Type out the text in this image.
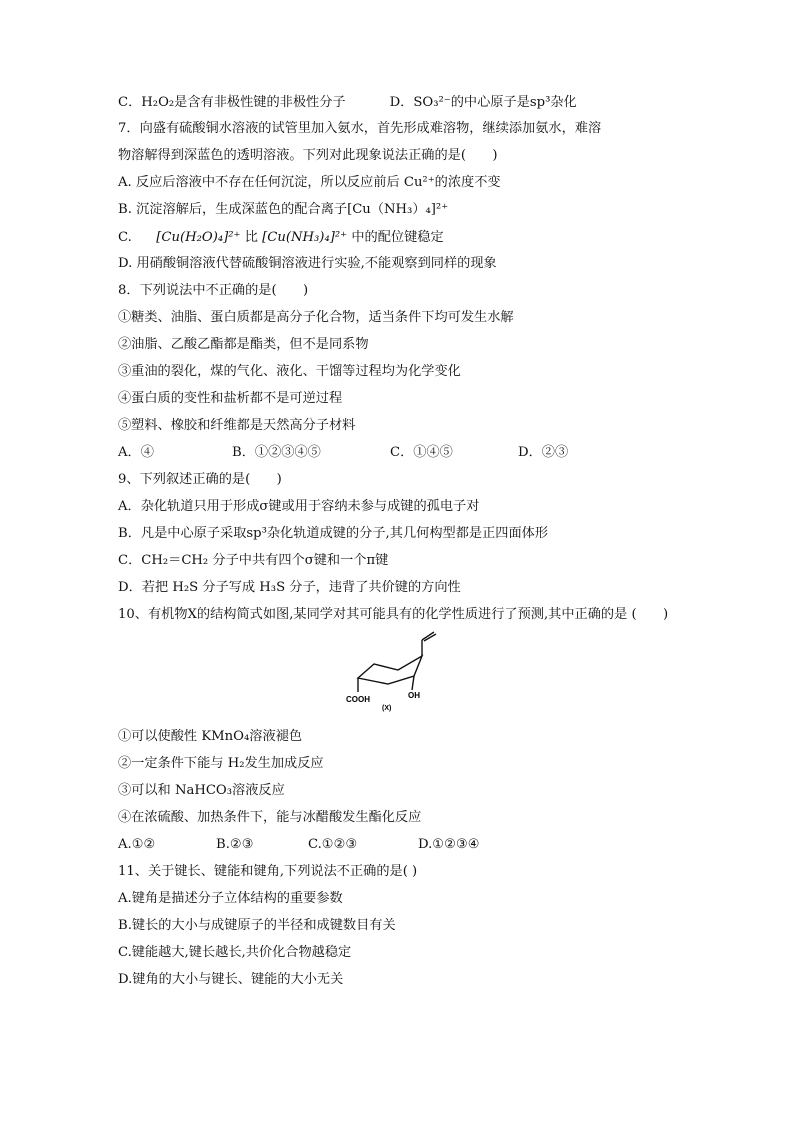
C．H₂O₂是含有非极性键的非极性分子	D．SO₃²⁻的中心原子是sp³杂化
7．向盛有硫酸铜水溶液的试管里加入氨水，首先形成难溶物，继续添加氨水，难溶
物溶解得到深蓝色的透明溶液。下列对此现象说法正确的是(　　)
A. 反应后溶液中不存在任何沉淀，所以反应前后 Cu²⁺的浓度不变
B. 沉淀溶解后，生成深蓝色的配合离子[Cu（NH₃）₄]²⁺
C. [Cu(H₂O)₄]²⁺ 比 [Cu(NH₃)₄]²⁺ 中的配位键稳定
D. 用硝酸铜溶液代替硫酸铜溶液进行实验,不能观察到同样的现象
8．下列说法中不正确的是(　　)
①糖类、油脂、蛋白质都是高分子化合物，适当条件下均可发生水解
②油脂、乙酸乙酯都是酯类，但不是同系物
③重油的裂化，煤的气化、液化、干馏等过程均为化学变化
④蛋白质的变性和盐析都不是可逆过程
⑤塑料、橡胶和纤维都是天然高分子材料
A．④	B．①②③④⑤	C．①④⑤	D．②③
9、下列叙述正确的是(　　)
A．杂化轨道只用于形成σ键或用于容纳未参与成键的孤电子对
B．凡是中心原子采取sp³杂化轨道成键的分子,其几何构型都是正四面体形
C．CH₂＝CH₂ 分子中共有四个σ键和一个π键
D．若把 H₂S 分子写成 H₃S 分子，违背了共价键的方向性
10、有机物X的结构简式如图,某同学对其可能具有的化学性质进行了预测,其中正确的是 (　　)
COOH	OH
(X)
①可以使酸性 KMnO₄溶液褪色
②一定条件下能与 H₂发生加成反应
③可以和 NaHCO₃溶液反应
④在浓硫酸、加热条件下，能与冰醋酸发生酯化反应
A.①②	B.②③	C.①②③	D.①②③④
11、关于键长、键能和键角,下列说法不正确的是( )
A.键角是描述分子立体结构的重要参数
B.键长的大小与成键原子的半径和成键数目有关
C.键能越大,键长越长,共价化合物越稳定
D.键角的大小与键长、键能的大小无关
